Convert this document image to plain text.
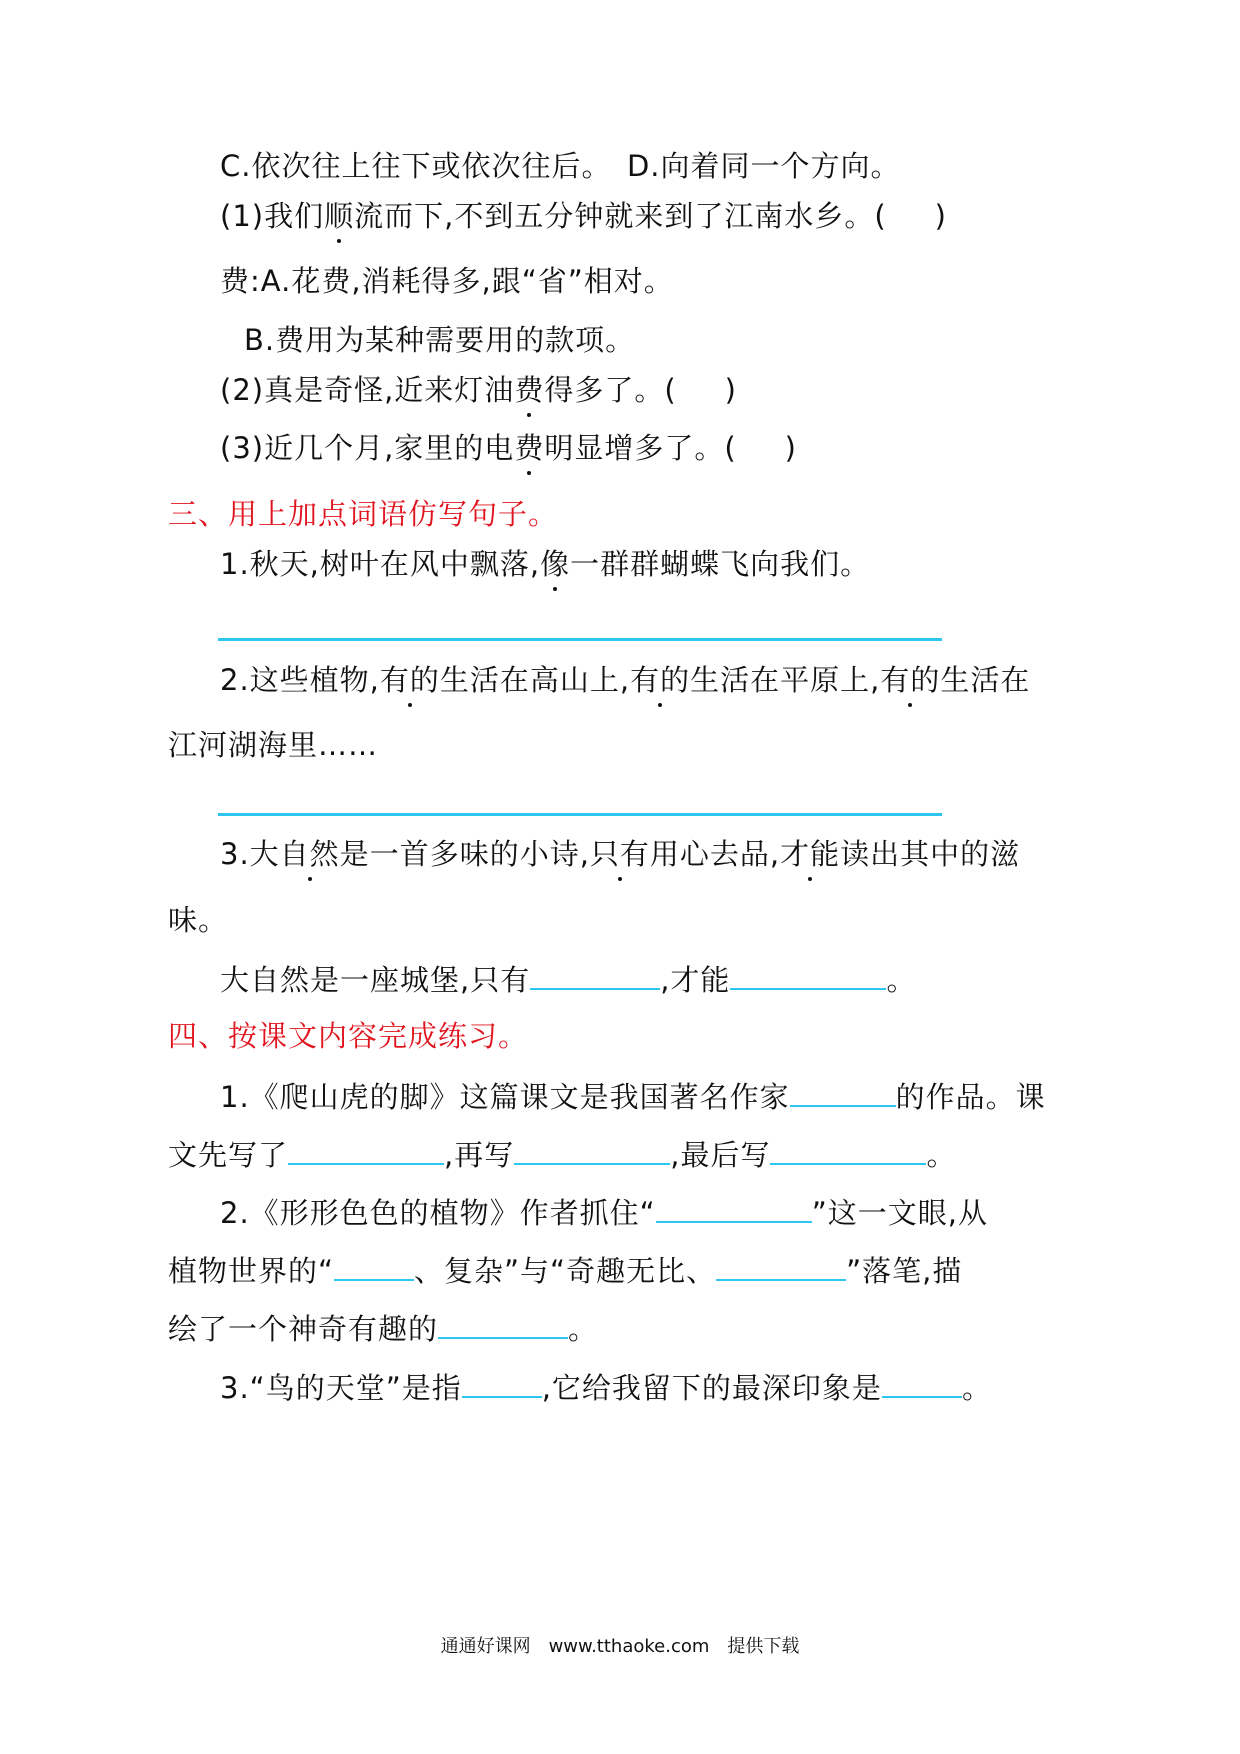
C.依次往上往下或依次往后。　D.向着同一个方向。
(1)我们顺流而下,不到五分钟就来到了江南水乡。( )
费:A.花费,消耗得多,跟“省”相对。
B.费用为某种需要用的款项。
(2)真是奇怪,近来灯油费得多了。( )
(3)近几个月,家里的电费明显增多了。( )
三、用上加点词语仿写句子。
1.秋天,树叶在风中飘落,像一群群蝴蝶飞向我们。
2.这些植物,有的生活在高山上,有的生活在平原上,有的生活在
江河湖海里……
3.大自然是一首多味的小诗,只有用心去品,才能读出其中的滋
味。
大自然是一座城堡,只有	,才能	。
四、按课文内容完成练习。
1.《爬山虎的脚》这篇课文是我国著名作家	的作品。课
文先写了	,再写	,最后写	。
2.《形形色色的植物》作者抓住“	”这一文眼,从
植物世界的“	、复杂”与“奇趣无比、	”落笔,描
绘了一个神奇有趣的	。
3.“鸟的天堂”是指	,它给我留下的最深印象是	。
通通好课网　www.tthaoke.com　提供下载
